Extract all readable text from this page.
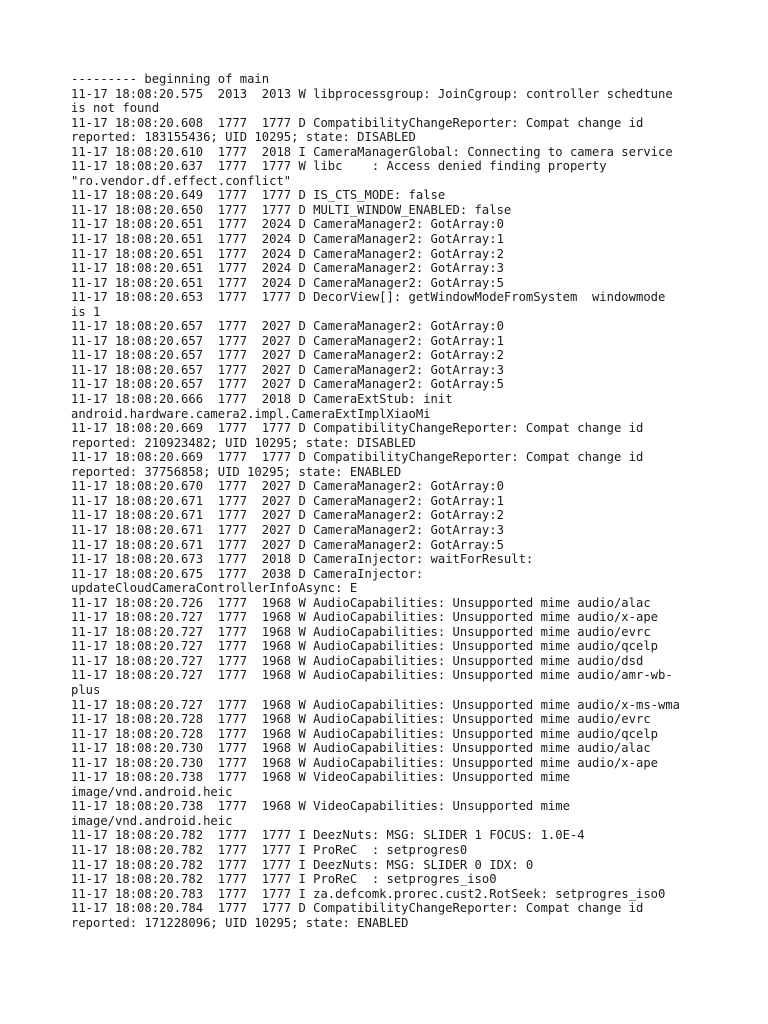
--------- beginning of main
11-17 18:08:20.575  2013  2013 W libprocessgroup: JoinCgroup: controller schedtune
is not found
11-17 18:08:20.608  1777  1777 D CompatibilityChangeReporter: Compat change id
reported: 183155436; UID 10295; state: DISABLED
11-17 18:08:20.610  1777  2018 I CameraManagerGlobal: Connecting to camera service
11-17 18:08:20.637  1777  1777 W libc    : Access denied finding property
"ro.vendor.df.effect.conflict"
11-17 18:08:20.649  1777  1777 D IS_CTS_MODE: false
11-17 18:08:20.650  1777  1777 D MULTI_WINDOW_ENABLED: false
11-17 18:08:20.651  1777  2024 D CameraManager2: GotArray:0
11-17 18:08:20.651  1777  2024 D CameraManager2: GotArray:1
11-17 18:08:20.651  1777  2024 D CameraManager2: GotArray:2
11-17 18:08:20.651  1777  2024 D CameraManager2: GotArray:3
11-17 18:08:20.651  1777  2024 D CameraManager2: GotArray:5
11-17 18:08:20.653  1777  1777 D DecorView[]: getWindowModeFromSystem  windowmode
is 1
11-17 18:08:20.657  1777  2027 D CameraManager2: GotArray:0
11-17 18:08:20.657  1777  2027 D CameraManager2: GotArray:1
11-17 18:08:20.657  1777  2027 D CameraManager2: GotArray:2
11-17 18:08:20.657  1777  2027 D CameraManager2: GotArray:3
11-17 18:08:20.657  1777  2027 D CameraManager2: GotArray:5
11-17 18:08:20.666  1777  2018 D CameraExtStub: init
android.hardware.camera2.impl.CameraExtImplXiaoMi
11-17 18:08:20.669  1777  1777 D CompatibilityChangeReporter: Compat change id
reported: 210923482; UID 10295; state: DISABLED
11-17 18:08:20.669  1777  1777 D CompatibilityChangeReporter: Compat change id
reported: 37756858; UID 10295; state: ENABLED
11-17 18:08:20.670  1777  2027 D CameraManager2: GotArray:0
11-17 18:08:20.671  1777  2027 D CameraManager2: GotArray:1
11-17 18:08:20.671  1777  2027 D CameraManager2: GotArray:2
11-17 18:08:20.671  1777  2027 D CameraManager2: GotArray:3
11-17 18:08:20.671  1777  2027 D CameraManager2: GotArray:5
11-17 18:08:20.673  1777  2018 D CameraInjector: waitForResult:
11-17 18:08:20.675  1777  2038 D CameraInjector:
updateCloudCameraControllerInfoAsync: E
11-17 18:08:20.726  1777  1968 W AudioCapabilities: Unsupported mime audio/alac
11-17 18:08:20.727  1777  1968 W AudioCapabilities: Unsupported mime audio/x-ape
11-17 18:08:20.727  1777  1968 W AudioCapabilities: Unsupported mime audio/evrc
11-17 18:08:20.727  1777  1968 W AudioCapabilities: Unsupported mime audio/qcelp
11-17 18:08:20.727  1777  1968 W AudioCapabilities: Unsupported mime audio/dsd
11-17 18:08:20.727  1777  1968 W AudioCapabilities: Unsupported mime audio/amr-wb-
plus
11-17 18:08:20.727  1777  1968 W AudioCapabilities: Unsupported mime audio/x-ms-wma
11-17 18:08:20.728  1777  1968 W AudioCapabilities: Unsupported mime audio/evrc
11-17 18:08:20.728  1777  1968 W AudioCapabilities: Unsupported mime audio/qcelp
11-17 18:08:20.730  1777  1968 W AudioCapabilities: Unsupported mime audio/alac
11-17 18:08:20.730  1777  1968 W AudioCapabilities: Unsupported mime audio/x-ape
11-17 18:08:20.738  1777  1968 W VideoCapabilities: Unsupported mime
image/vnd.android.heic
11-17 18:08:20.738  1777  1968 W VideoCapabilities: Unsupported mime
image/vnd.android.heic
11-17 18:08:20.782  1777  1777 I DeezNuts: MSG: SLIDER 1 FOCUS: 1.0E-4
11-17 18:08:20.782  1777  1777 I ProReC  : setprogres0
11-17 18:08:20.782  1777  1777 I DeezNuts: MSG: SLIDER 0 IDX: 0
11-17 18:08:20.782  1777  1777 I ProReC  : setprogres_iso0
11-17 18:08:20.783  1777  1777 I za.defcomk.prorec.cust2.RotSeek: setprogres_iso0
11-17 18:08:20.784  1777  1777 D CompatibilityChangeReporter: Compat change id
reported: 171228096; UID 10295; state: ENABLED
